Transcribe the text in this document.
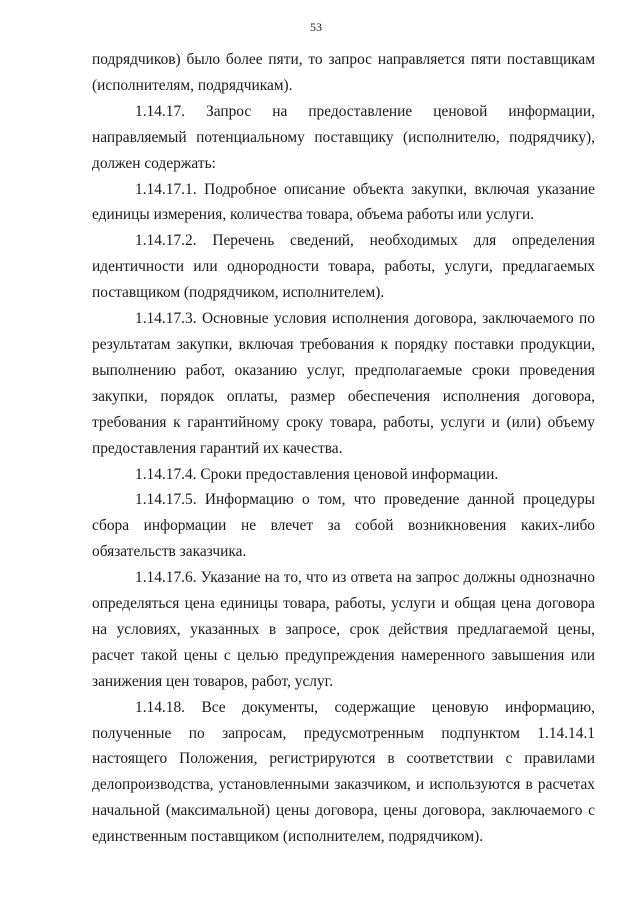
53

подрядчиков) было более пяти, то запрос направляется пяти поставщикам (исполнителям, подрядчикам).

1.14.17. Запрос на предоставление ценовой информации, направляемый потенциальному поставщику (исполнителю, подрядчику), должен содержать:

1.14.17.1. Подробное описание объекта закупки, включая указание единицы измерения, количества товара, объема работы или услуги.

1.14.17.2. Перечень сведений, необходимых для определения идентичности или однородности товара, работы, услуги, предлагаемых поставщиком (подрядчиком, исполнителем).

1.14.17.3. Основные условия исполнения договора, заключаемого по результатам закупки, включая требования к порядку поставки продукции, выполнению работ, оказанию услуг, предполагаемые сроки проведения закупки, порядок оплаты, размер обеспечения исполнения договора, требования к гарантийному сроку товара, работы, услуги и (или) объему предоставления гарантий их качества.

1.14.17.4. Сроки предоставления ценовой информации.

1.14.17.5. Информацию о том, что проведение данной процедуры сбора информации не влечет за собой возникновения каких-либо обязательств заказчика.

1.14.17.6. Указание на то, что из ответа на запрос должны однозначно определяться цена единицы товара, работы, услуги и общая цена договора на условиях, указанных в запросе, срок действия предлагаемой цены, расчет такой цены с целью предупреждения намеренного завышения или занижения цен товаров, работ, услуг.

1.14.18. Все документы, содержащие ценовую информацию, полученные по запросам, предусмотренным подпунктом 1.14.14.1 настоящего Положения, регистрируются в соответствии с правилами делопроизводства, установленными заказчиком, и используются в расчетах начальной (максимальной) цены договора, цены договора, заключаемого с единственным поставщиком (исполнителем, подрядчиком).
